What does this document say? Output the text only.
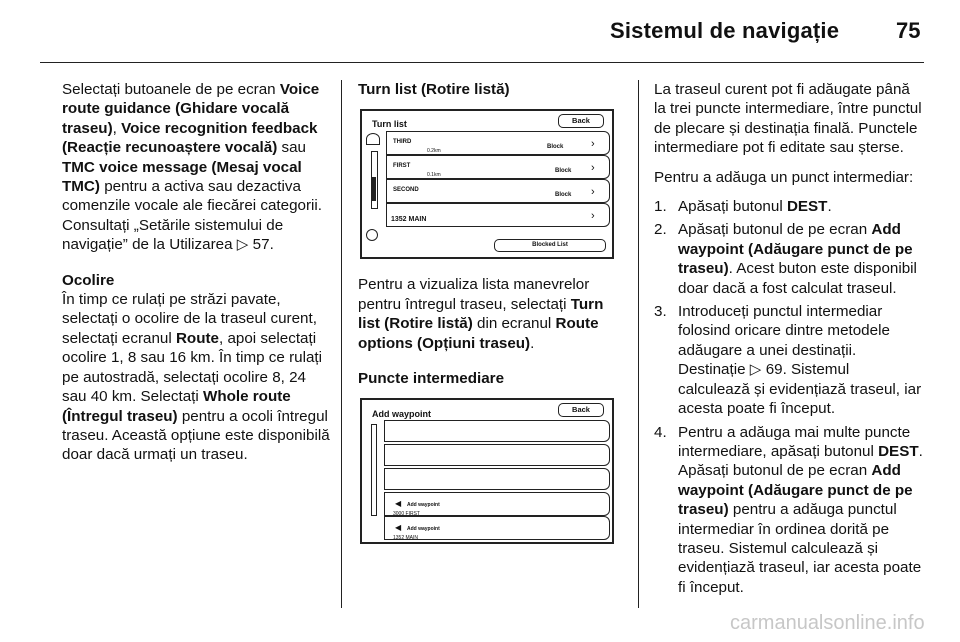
Sistemul de navigație	75

Selectați butoanele de pe ecran Voice route guidance (Ghidare vocală traseu), Voice recognition feedback (Reacție recunoaștere vocală) sau TMC voice message (Mesaj vocal TMC) pentru a activa sau dezactiva comenzile vocale ale fiecărei categorii. Consultați „Setările sistemului de navigație” de la Utilizarea ▷ 57.

Ocolire

În timp ce rulați pe străzi pavate, selectați o ocolire de la traseul curent, selectați ecranul Route, apoi selectați ocolire 1, 8 sau 16 km. În timp ce rulați pe autostradă, selectați ocolire 8, 24 sau 40 km. Selectați Whole route (Întregul traseu) pentru a ocoli întregul traseu. Această opțiune este disponibilă doar dacă urmați un traseu.

Turn list (Rotire listă)

Turn list	Back
THIRD
0.2km
Block	›
FIRST
0.1km
Block ›
SECOND
Block ›
1352 MAIN	›
Blocked List

Pentru a vizualiza lista manevrelor pentru întregul traseu, selectați Turn list (Rotire listă) din ecranul Route options (Opțiuni traseu).

Puncte intermediare

Add waypoint	Back
◀ Add waypoint
3000 FIRST
◀ Add waypoint
1352 MAIN

La traseul curent pot fi adăugate până la trei puncte intermediare, între punctul de plecare și destinația finală. Punctele intermediare pot fi editate sau șterse.

Pentru a adăuga un punct intermediar:

1. Apăsați butonul DEST.
2. Apăsați butonul de pe ecran Add waypoint (Adăugare punct de pe traseu). Acest buton este disponibil doar dacă a fost calculat traseul.
3. Introduceți punctul intermediar folosind oricare dintre metodele adăugare a unei destinații. Destinație ▷ 69. Sistemul calculează și evidențiază traseul, iar acesta poate fi început.
4. Pentru a adăuga mai multe puncte intermediare, apăsați butonul DEST. Apăsați butonul de pe ecran Add waypoint (Adăugare punct de pe traseu) pentru a adăuga punctul intermediar în ordinea dorită pe traseu. Sistemul calculează și evidențiază traseul, iar acesta poate fi început.
carmanualsonline.info
